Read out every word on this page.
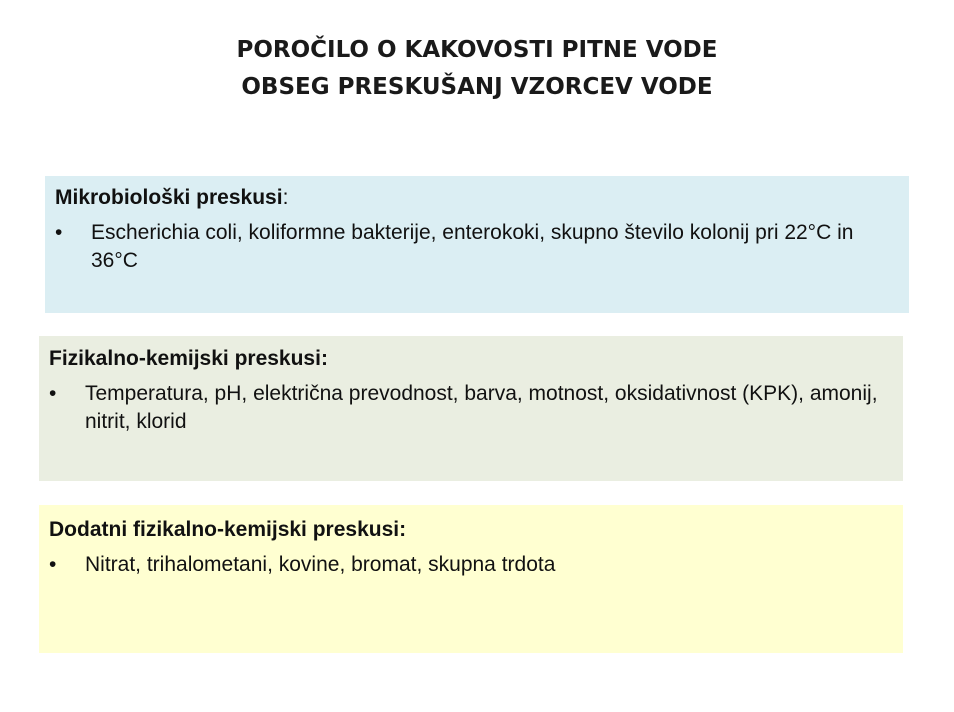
POROČILO O KAKOVOSTI PITNE VODE
OBSEG PRESKUŠANJ VZORCEV VODE

Mikrobiološki preskusi:

•	Escherichia coli, koliformne bakterije, enterokoki, skupno število kolonij pri 22°C in 36°C

Fizikalno-kemijski preskusi:

•	Temperatura, pH, električna prevodnost, barva, motnost, oksidativnost (KPK), amonij, nitrit, klorid

Dodatni fizikalno-kemijski preskusi:

•	Nitrat, trihalometani, kovine, bromat, skupna trdota
